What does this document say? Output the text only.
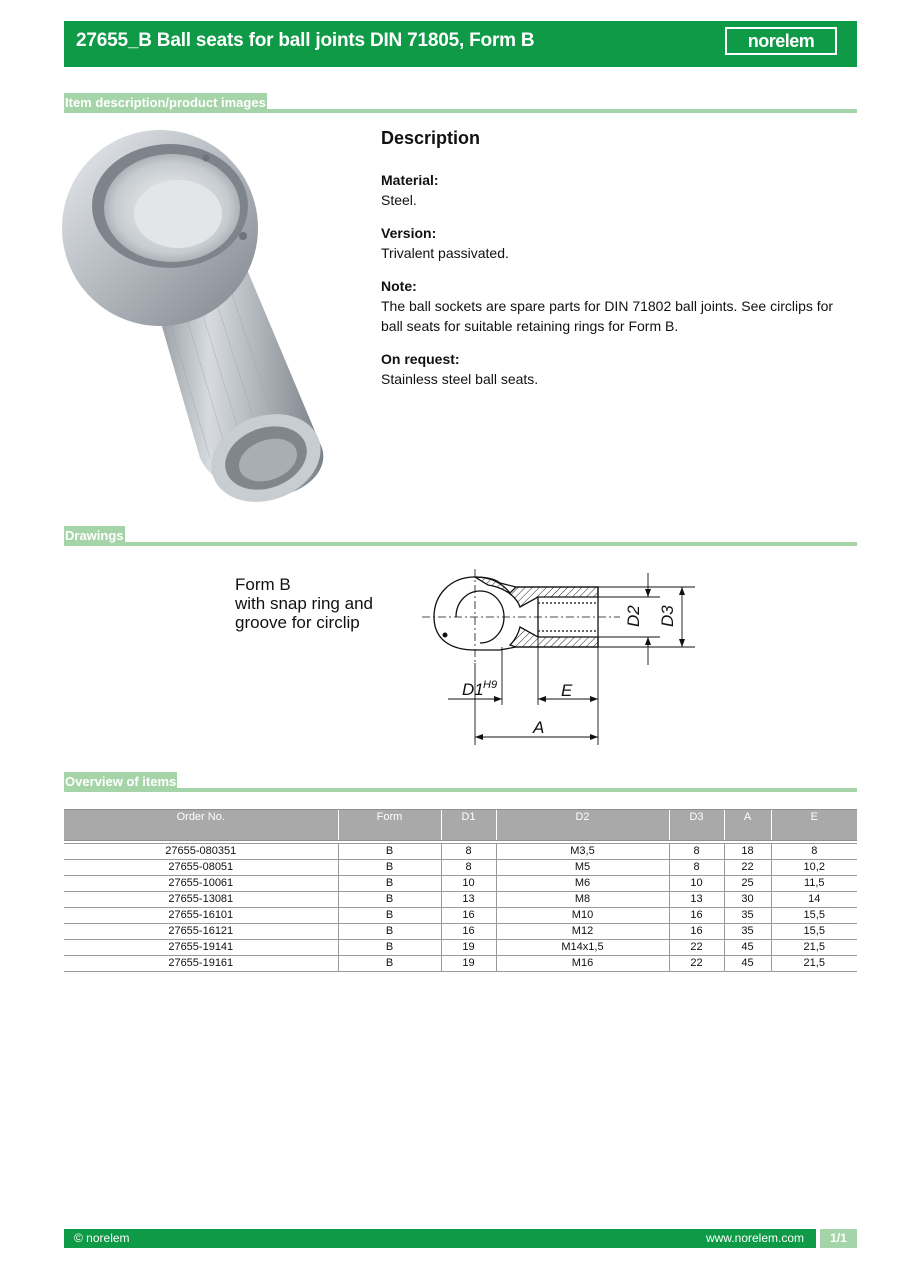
27655_B Ball seats for ball joints DIN 71805, Form B	norelem
Item description/product images
Description
Material:
Steel.
Version:
Trivalent passivated.
Note:
The ball sockets are spare parts for DIN 71802 ball joints. See circlips for ball seats for suitable retaining rings for Form B.
On request:
Stainless steel ball seats.
Drawings
Form B
with snap ring and
groove for circlip	D2 D3
D1 H9	E
A
Overview of items
Order No.	Form	D1	D2	D3	A	E

27655-080351	B	8	M3,5	8	18	8
27655-08051	B	8	M5	8	22	10,2
27655-10061	B	10	M6	10	25	11,5
27655-13081	B	13	M8	13	30	14
27655-16101	B	16	M10	16	35	15,5
27655-16121	B	16	M12	16	35	15,5
27655-19141	B	19	M14x1,5	22	45	21,5
27655-19161	B	19	M16	22	45	21,5
© norelem	www.norelem.com	1/1
